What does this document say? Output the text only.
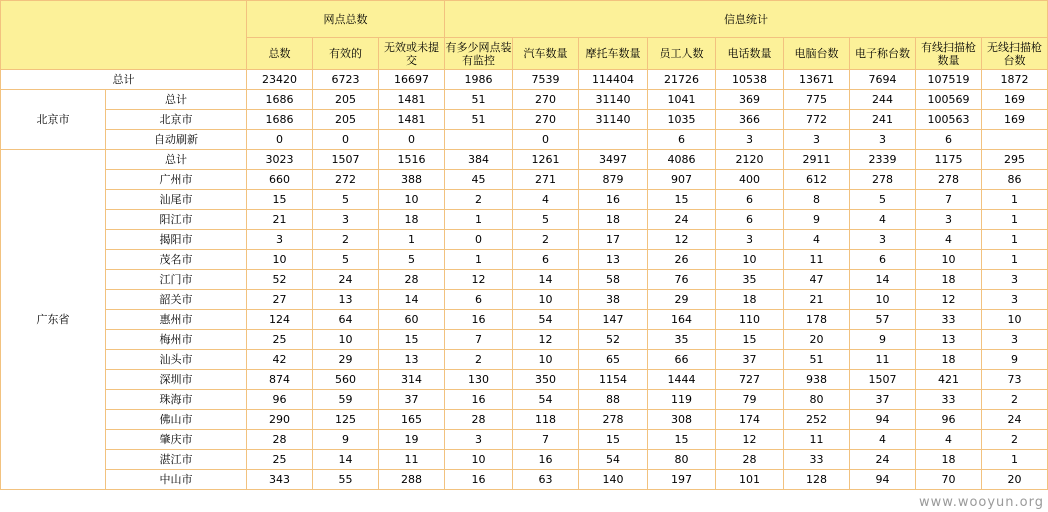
		网点总数			信息统计								
		总数	有效的	无效或未提交	有多少网点装有监控	汽车数量	摩托车数量	员工人数	电话数量	电脑台数	电子称台数	有线扫描枪数量	无线扫描枪台数
总计		23420	6723	16697	1986	7539	114404	21726	10538	13671	7694	107519	1872
北京市	总计	1686	205	1481	51	270	31140	1041	369	775	244	100569	169
	北京市	1686	205	1481	51	270	31140	1035	366	772	241	100563	169
	自动刷新	0	0	0		0		6	3	3	3	6	
广东省	总计	3023	1507	1516	384	1261	3497	4086	2120	2911	2339	1175	295
	广州市	660	272	388	45	271	879	907	400	612	278	278	86
	汕尾市	15	5	10	2	4	16	15	6	8	5	7	1
	阳江市	21	3	18	1	5	18	24	6	9	4	3	1
	揭阳市	3	2	1	0	2	17	12	3	4	3	4	1
	茂名市	10	5	5	1	6	13	26	10	11	6	10	1
	江门市	52	24	28	12	14	58	76	35	47	14	18	3
	韶关市	27	13	14	6	10	38	29	18	21	10	12	3
	惠州市	124	64	60	16	54	147	164	110	178	57	33	10
	梅州市	25	10	15	7	12	52	35	15	20	9	13	3
	汕头市	42	29	13	2	10	65	66	37	51	11	18	9
	深圳市	874	560	314	130	350	1154	1444	727	938	1507	421	73
	珠海市	96	59	37	16	54	88	119	79	80	37	33	2
	佛山市	290	125	165	28	118	278	308	174	252	94	96	24
	肇庆市	28	9	19	3	7	15	15	12	11	4	4	2
	湛江市	25	14	11	10	16	54	80	28	33	24	18	1
	中山市	343	55	288	16	63	140	197	101	128	94	70	20
www.wooyun.org
